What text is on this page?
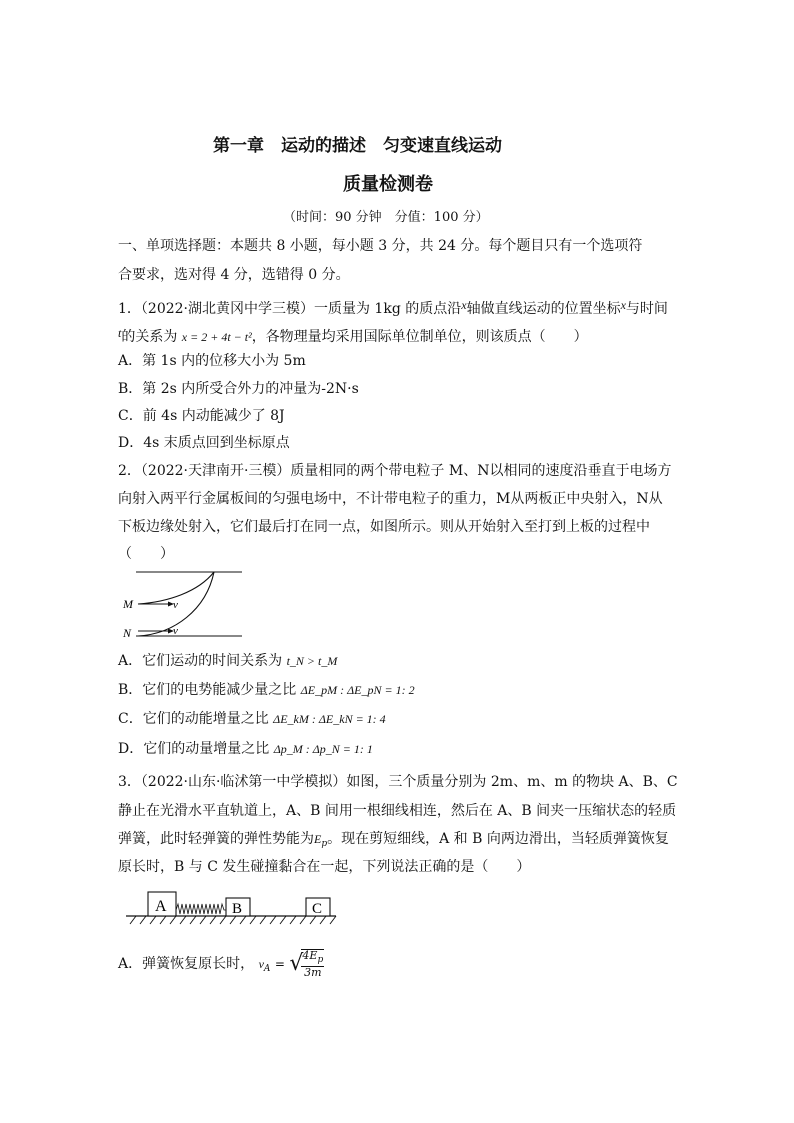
第一章　运动的描述　匀变速直线运动
质量检测卷
（时间：90 分钟　分值：100 分）
一、单项选择题：本题共 8 小题，每小题 3 分，共 24 分。每个题目只有一个选项符
合要求，选对得 4 分，选错得 0 分。
1．（2022·湖北黄冈中学三模）一质量为 1kg 的质点沿x轴做直线运动的位置坐标x与时间
t的关系为 x = 2 + 4t − t²，各物理量均采用国际单位制单位，则该质点（　　）
A．第 1s 内的位移大小为 5m
B．第 2s 内所受合外力的冲量为-2N·s
C．前 4s 内动能减少了 8J
D．4s 末质点回到坐标原点
2．（2022·天津南开·三模）质量相同的两个带电粒子 M、N以相同的速度沿垂直于电场方
向射入两平行金属板间的匀强电场中，不计带电粒子的重力，M从两板正中央射入，N从
下板边缘处射入，它们最后打在同一点，如图所示。则从开始射入至打到上板的过程中
（　　）
M
N
v
v
A．它们运动的时间关系为 t_N > t_M
B．它们的电势能减少量之比 ΔE_pM : ΔE_pN = 1: 2
C．它们的动能增量之比 ΔE_kM : ΔE_kN = 1: 4
D．它们的动量增量之比 Δp_M : Δp_N = 1: 1
3．（2022·山东·临沭第一中学模拟）如图，三个质量分别为 2m、m、m 的物块 A、B、C
静止在光滑水平直轨道上，A、B 间用一根细线相连，然后在 A、B 间夹一压缩状态的轻质
弹簧，此时轻弹簧的弹性势能为$E_p$。现在剪短细线，A 和 B 向两边滑出，当轻质弹簧恢复
原长时，B 与 C 发生碰撞黏合在一起，下列说法正确的是（　　）
A	B	C
A．弹簧恢复原长时， $v_A$ = √
$\frac{4E_p}{3m}$
